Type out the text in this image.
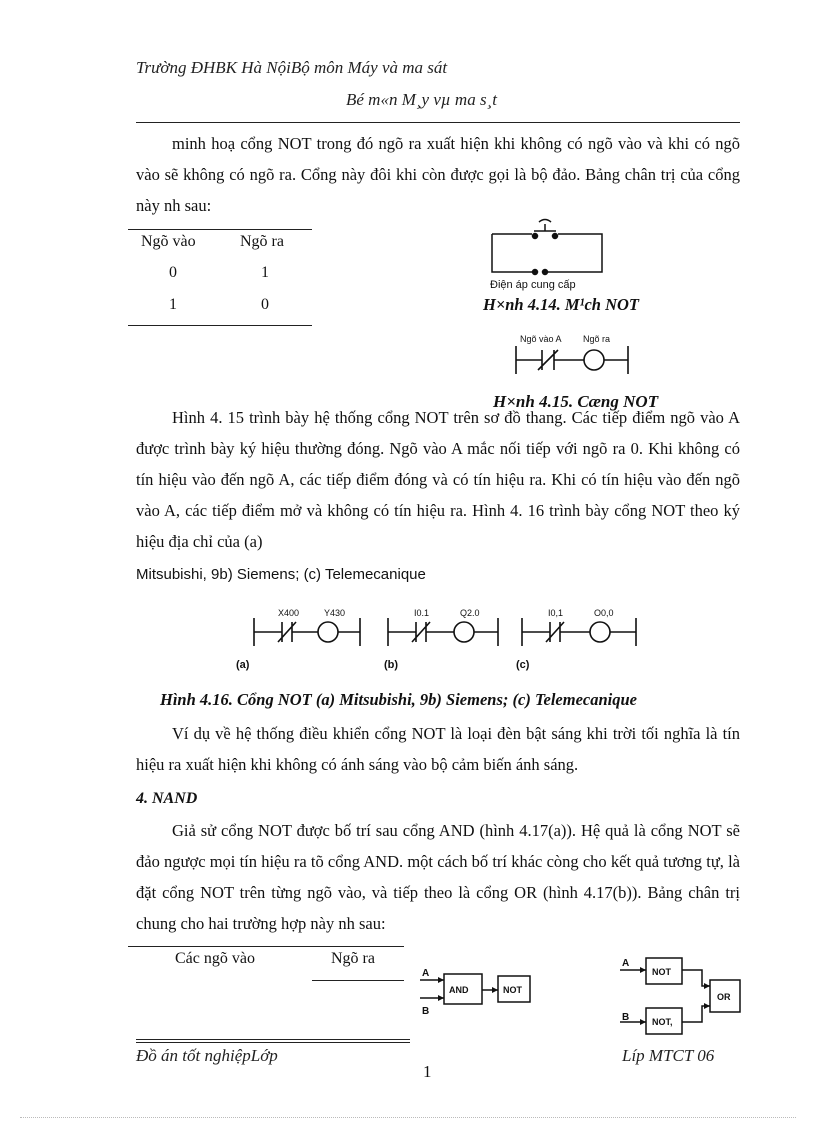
Trường ĐHBK Hà NộiBộ môn Máy và ma sát
Bé m«n M¸y vµ ma s¸t
minh hoạ cổng NOT trong đó ngõ ra xuất hiện khi không có ngõ vào và khi có ngõ vào sẽ không có ngõ ra. Cổng này đôi khi còn được gọi là bộ đảo. Bảng chân trị của cổng này nh sau:
Ngõ vào	Ngõ ra
0	1
1	0
Điện áp cung cấp
H×nh 4.14. M¹ch NOT
Ngõ vào A Ngõ ra
H×nh 4.15. Cæng NOT
Hình 4. 15 trình bày hệ thống cổng NOT trên sơ đồ thang. Các tiếp điểm ngõ vào A được trình bày ký hiệu thường đóng. Ngõ vào A mắc nối tiếp với ngõ ra 0. Khi không có tín hiệu vào đến ngõ A, các tiếp điểm đóng và có tín hiệu ra. Khi có tín hiệu vào đến ngõ vào A, các tiếp điểm mở và không có tín hiệu ra. Hình 4. 16 trình bày cổng NOT theo ký hiệu địa chỉ của (a)
Mitsubishi, 9b) Siemens; (c) Telemecanique
X400	Y430
(a)
I0.1	Q2.0
(b)
I0,1	O0,0
(c)
Hình 4.16. Cổng NOT (a) Mitsubishi, 9b) Siemens; (c) Telemecanique
Ví dụ về hệ thống điều khiển cổng NOT là loại đèn bật sáng khi trời tối nghĩa là tín hiệu ra xuất hiện khi không có ánh sáng vào bộ cảm biến ánh sáng.
4. NAND
Giả sử cổng NOT được bố trí sau cổng AND (hình 4.17(a)). Hệ quả là cổng NOT sẽ đảo ngược mọi tín hiệu ra tõ cổng AND. một cách bố trí khác còng cho kết quả tương tự, là đặt cổng NOT trên từng ngõ vào, và tiếp theo là cổng OR (hình 4.17(b)). Bảng chân trị chung cho hai trường hợp này nh sau:
Các ngõ vào	Ngõ ra
A
B
AND	NOT
A
B
NOT
NOT,
OR
Đồ án tốt nghiệpLớp	Líp MTCT 06
1
